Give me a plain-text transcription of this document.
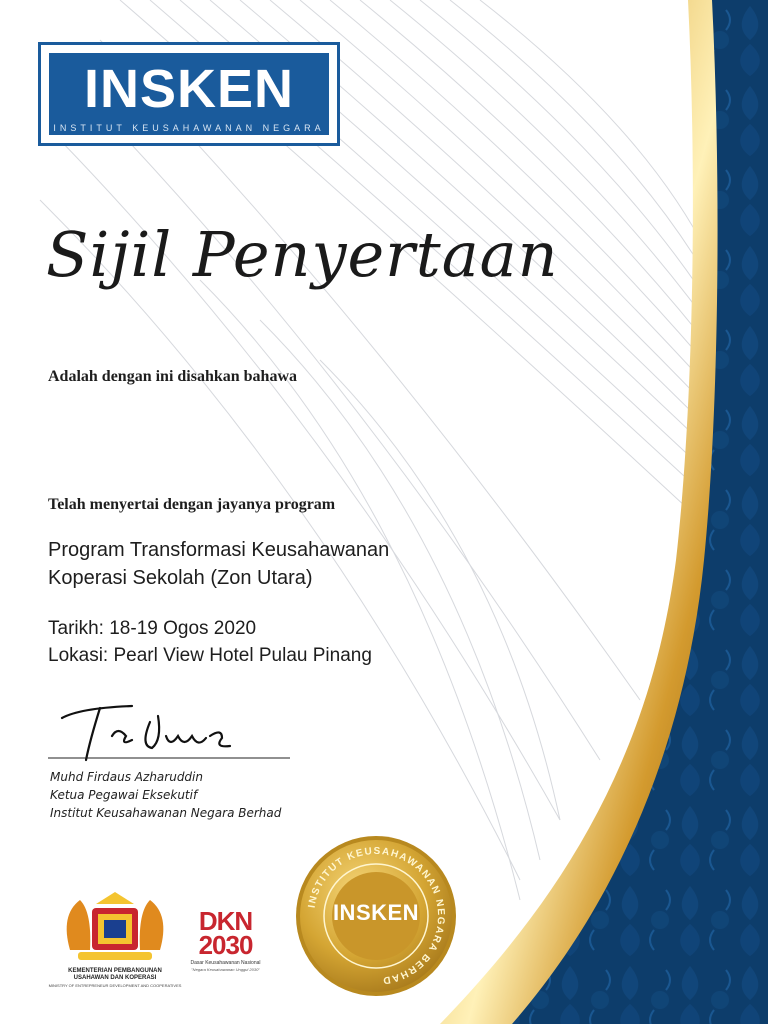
INSKEN
INSTITUT KEUSAHAWANAN NEGARA
Sijil Penyertaan
Adalah dengan ini disahkan bahawa
Telah menyertai dengan jayanya program
Program Transformasi Keusahawanan
Koperasi Sekolah (Zon Utara)
Tarikh: 18-19 Ogos 2020
Lokasi: Pearl View Hotel Pulau Pinang
Muhd Firdaus Azharuddin
Ketua Pegawai Eksekutif
Institut Keusahawanan Negara Berhad
INSTITUT KEUSAHAWANAN NEGARA BERHAD
INSKEN
KEMENTERIAN PEMBANGUNAN
USAHAWAN DAN KOPERASI
MINISTRY OF ENTREPRENEUR DEVELOPMENT AND COOPERATIVES
DKN
2030
Dasar Keusahawanan Nasional
"Negara Keusahawanan Unggul 2030"
